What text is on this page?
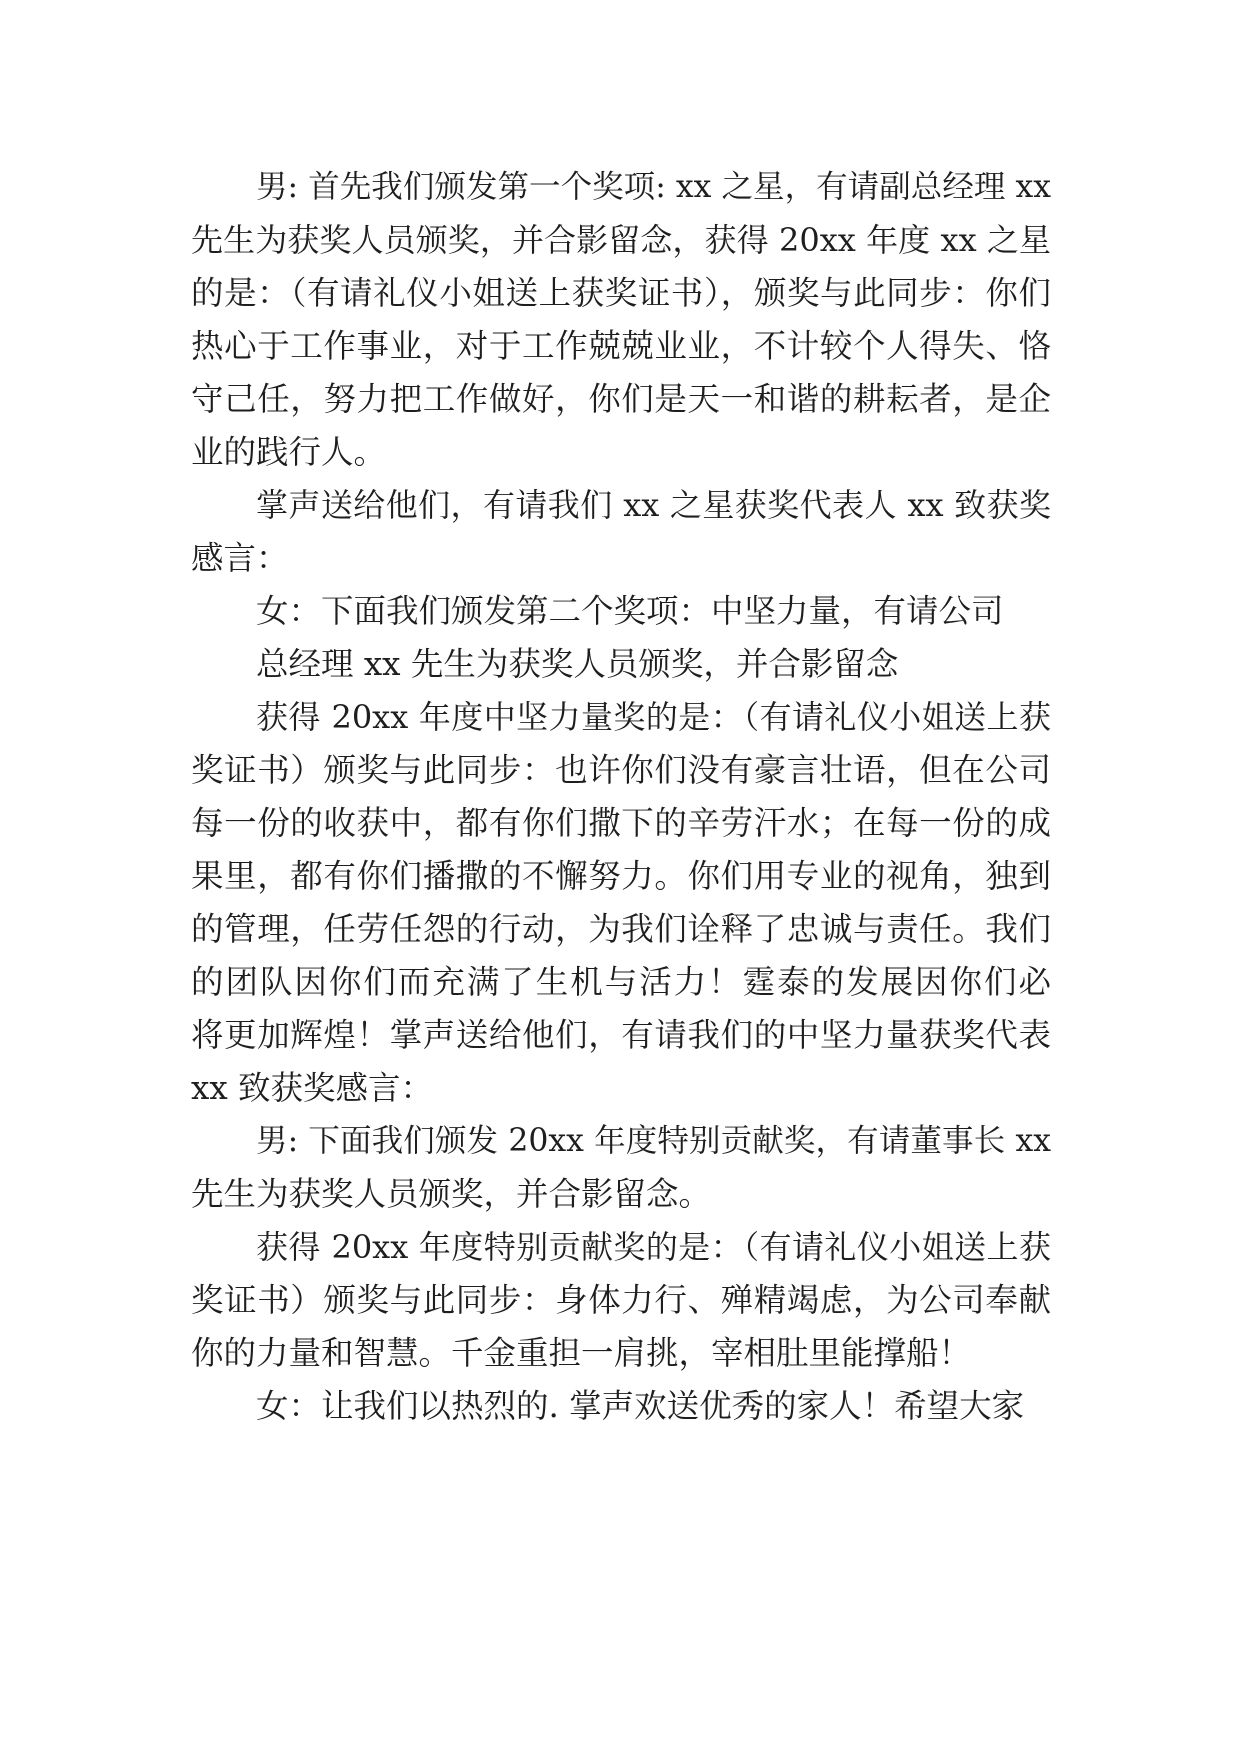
男: 首先我们颁发第一个奖项: xx 之星，有请副总经理 xx
先生为获奖人员颁奖，并合影留念，获得 20xx 年度 xx 之星
的是：（有请礼仪小姐送上获奖证书），颁奖与此同步：你们
热心于工作事业，对于工作兢兢业业，不计较个人得失、恪
守己任，努力把工作做好，你们是天一和谐的耕耘者，是企
业的践行人。
掌声送给他们，有请我们 xx 之星获奖代表人 xx 致获奖
感言：
女：下面我们颁发第二个奖项：中坚力量，有请公司
总经理 xx 先生为获奖人员颁奖，并合影留念
获得 20xx 年度中坚力量奖的是：（有请礼仪小姐送上获
奖证书）颁奖与此同步：也许你们没有豪言壮语，但在公司
每一份的收获中，都有你们撒下的辛劳汗水；在每一份的成
果里，都有你们播撒的不懈努力。你们用专业的视角，独到
的管理，任劳任怨的行动，为我们诠释了忠诚与责任。我们
的团队因你们而充满了生机与活力！霆泰的发展因你们必
将更加辉煌！掌声送给他们，有请我们的中坚力量获奖代表
xx 致获奖感言：
男: 下面我们颁发 20xx 年度特别贡献奖，有请董事长 xx
先生为获奖人员颁奖，并合影留念。
获得 20xx 年度特别贡献奖的是：（有请礼仪小姐送上获
奖证书）颁奖与此同步：身体力行、殚精竭虑，为公司奉献
你的力量和智慧。千金重担一肩挑，宰相肚里能撑船！
女：让我们以热烈的. 掌声欢送优秀的家人！希望大家
